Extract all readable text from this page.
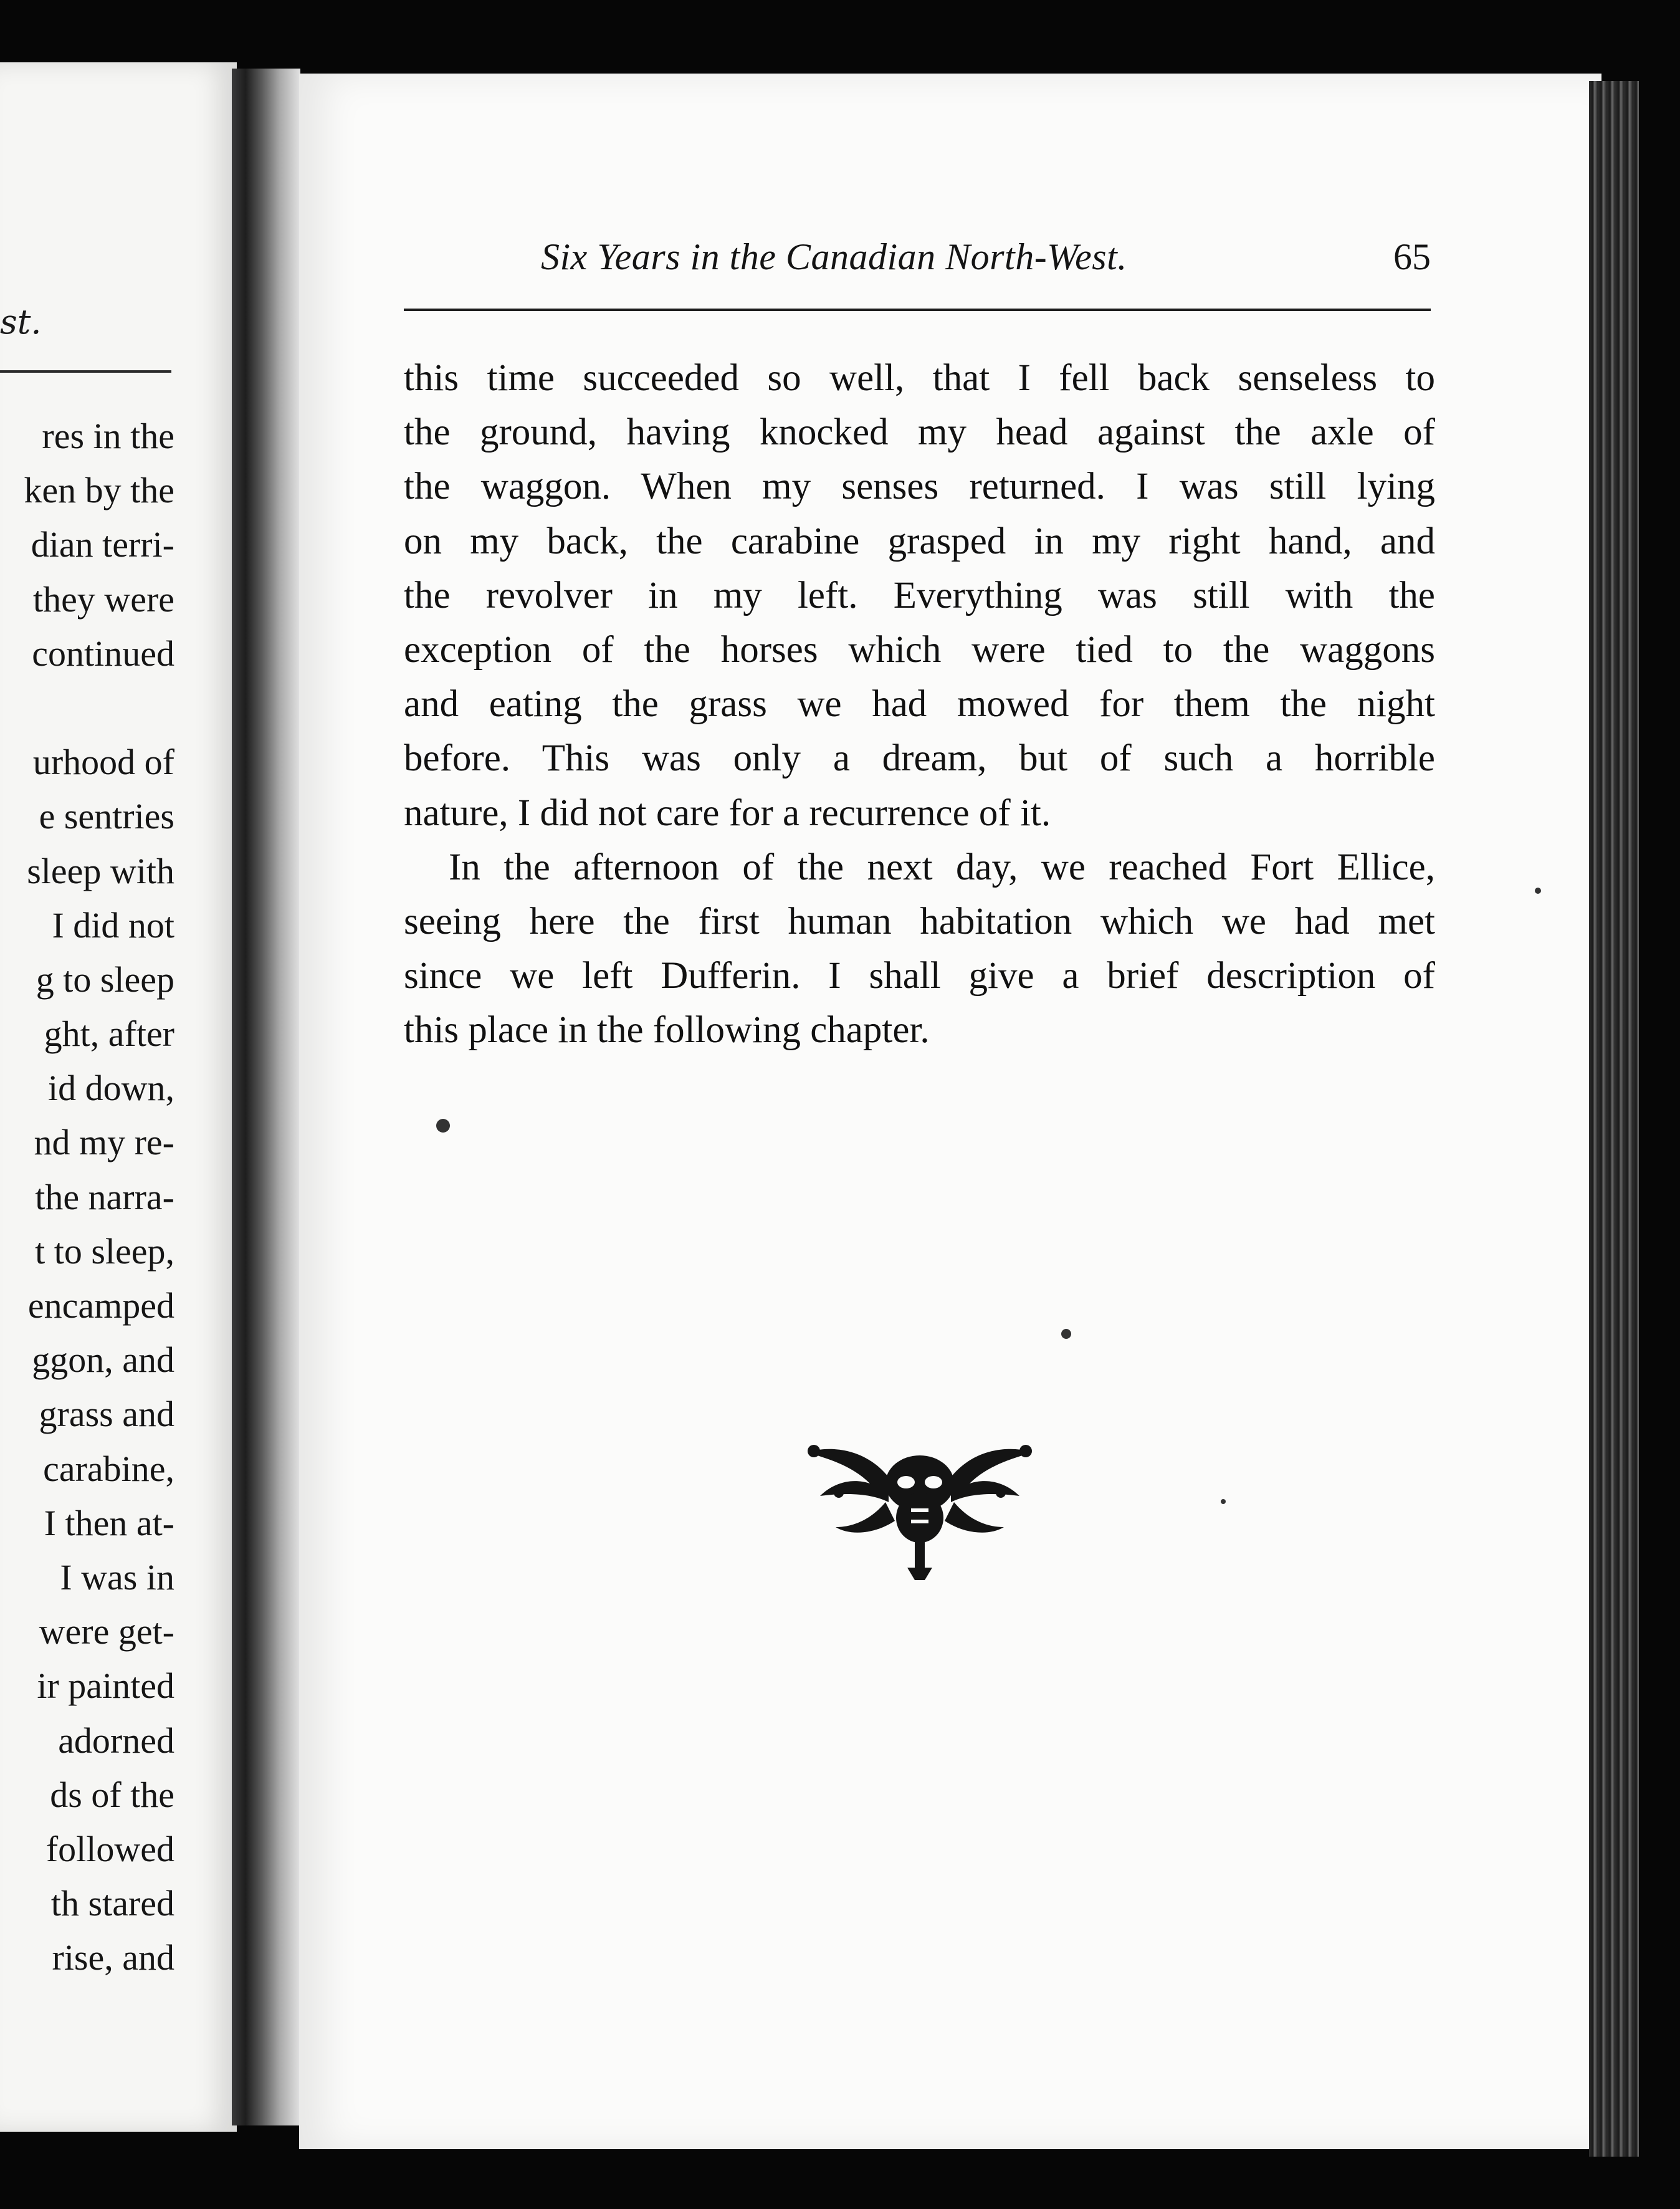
st.
res in the
ken by the
dian terri-
they were
continued
urhood of
e sentries
sleep with
I did not
g to sleep
ght, after
id down,
nd my re-
the narra-
t to sleep,
encamped
ggon, and
grass and
carabine,
I then at-
I was in
were get-
ir painted
adorned
ds of the
followed
th stared
rise, and
Six Years in the Canadian North-West.	65
this time succeeded so well, that I fell back senseless to
the ground, having knocked my head against the axle of
the waggon. When my senses returned. I was still lying
on my back, the carabine grasped in my right hand, and
the revolver in my left. Everything was still with the
exception of the horses which were tied to the waggons
and eating the grass we had mowed for them the night
before. This was only a dream, but of such a horrible
nature, I did not care for a recurrence of it.
In the afternoon of the next day, we reached Fort Ellice,
seeing here the first human habitation which we had met
since we left Dufferin. I shall give a brief description of
this place in the following chapter.
